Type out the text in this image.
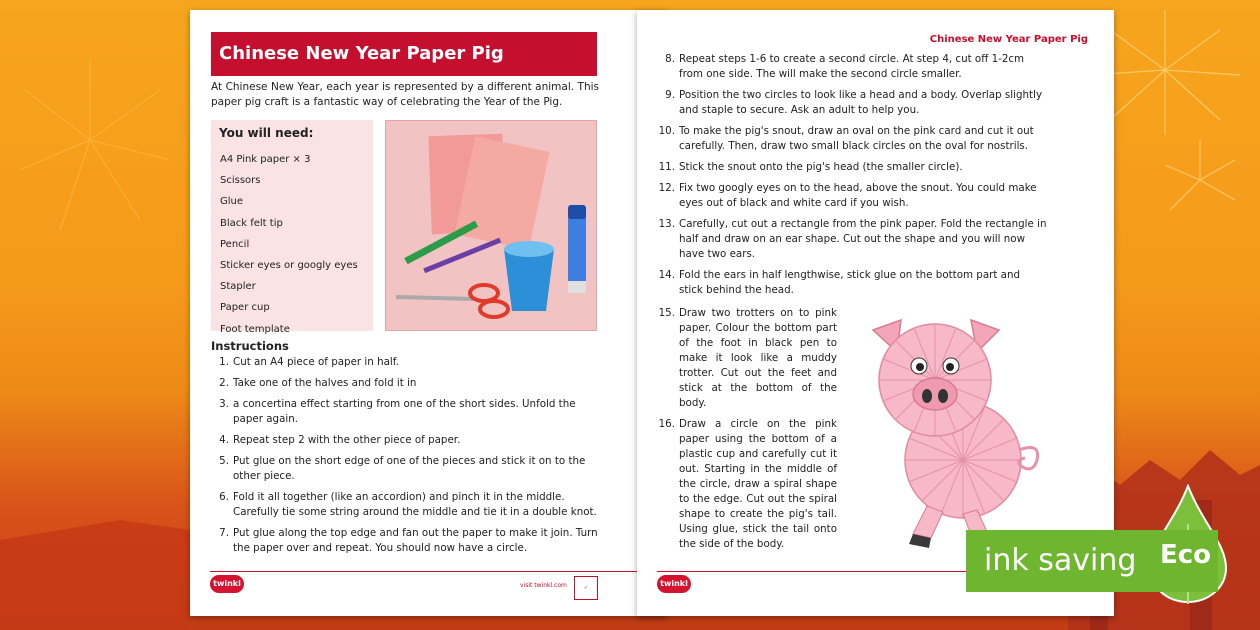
Chinese New Year Paper Pig
At Chinese New Year, each year is represented by a different animal. This paper pig craft is a fantastic way of celebrating the Year of the Pig.
You will need:
A4 Pink paper × 3
Scissors
Glue
Black felt tip
Pencil
Sticker eyes or googly eyes
Stapler
Paper cup
Foot template
Instructions
1. Cut an A4 piece of paper in half.
2. Take one of the halves and fold it in
3. a concertina effect starting from one of the short sides. Unfold the paper again.
4. Repeat step 2 with the other piece of paper.
5. Put glue on the short edge of one of the pieces and stick it on to the other piece.
6. Fold it all together (like an accordion) and pinch it in the middle. Carefully tie some string around the middle and tie it in a double knot.
7. Put glue along the top edge and fan out the paper to make it join. Turn the paper over and repeat. You should now have a circle.
twinkl	visit twinkl.com	✓
Chinese New Year Paper Pig
8. Repeat steps 1-6 to create a second circle. At step 4, cut off 1-2cm from one side. The will make the second circle smaller.
9. Position the two circles to look like a head and a body. Overlap slightly and staple to secure. Ask an adult to help you.
10. To make the pig's snout, draw an oval on the pink card and cut it out carefully. Then, draw two small black circles on the oval for nostrils.
11. Stick the snout onto the pig's head (the smaller circle).
12. Fix two googly eyes on to the head, above the snout. You could make eyes out of black and white card if you wish.
13. Carefully, cut out a rectangle from the pink paper. Fold the rectangle in half and draw on an ear shape. Cut out the shape and you will now have two ears.
14. Fold the ears in half lengthwise, stick glue on the bottom part and stick behind the head.
15. Draw two trotters on to pink paper. Colour the bottom part of the foot in black pen to make it look like a muddy trotter. Cut out the feet and stick at the bottom of the body.
16. Draw a circle on the pink paper using the bottom of a plastic cup and carefully cut it out. Starting in the middle of the circle, draw a spiral shape to the edge. Cut out the spiral shape to create the pig's tail. Using glue, stick the tail onto the side of the body.
twinkl
ink saving Eco
